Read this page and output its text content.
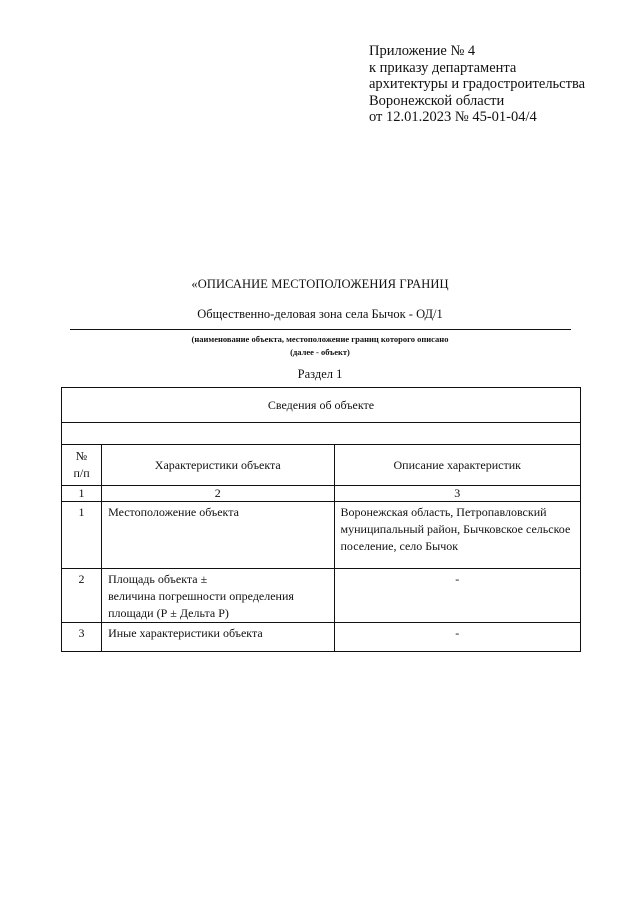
Приложение № 4
к приказу департамента
архитектуры и градостроительства
Воронежской области
от 12.01.2023 № 45-01-04/4
«ОПИСАНИЕ МЕСТОПОЛОЖЕНИЯ ГРАНИЦ
Общественно-деловая зона села Бычок - ОД/1
(наименование объекта, местоположение границ которого описано
(далее - объект)
Раздел 1
Сведения об объекте		

№
п/п	Характеристики объекта	Описание характеристик
1	2	3
1	Местоположение объекта	Воронежская область, Петропавловский муниципальный район, Бычковское сельское поселение, село Бычок
2	Площадь объекта ±
величина погрешности определения
площади (Р ± Дельта Р)	-
3	Иные характеристики объекта	-
